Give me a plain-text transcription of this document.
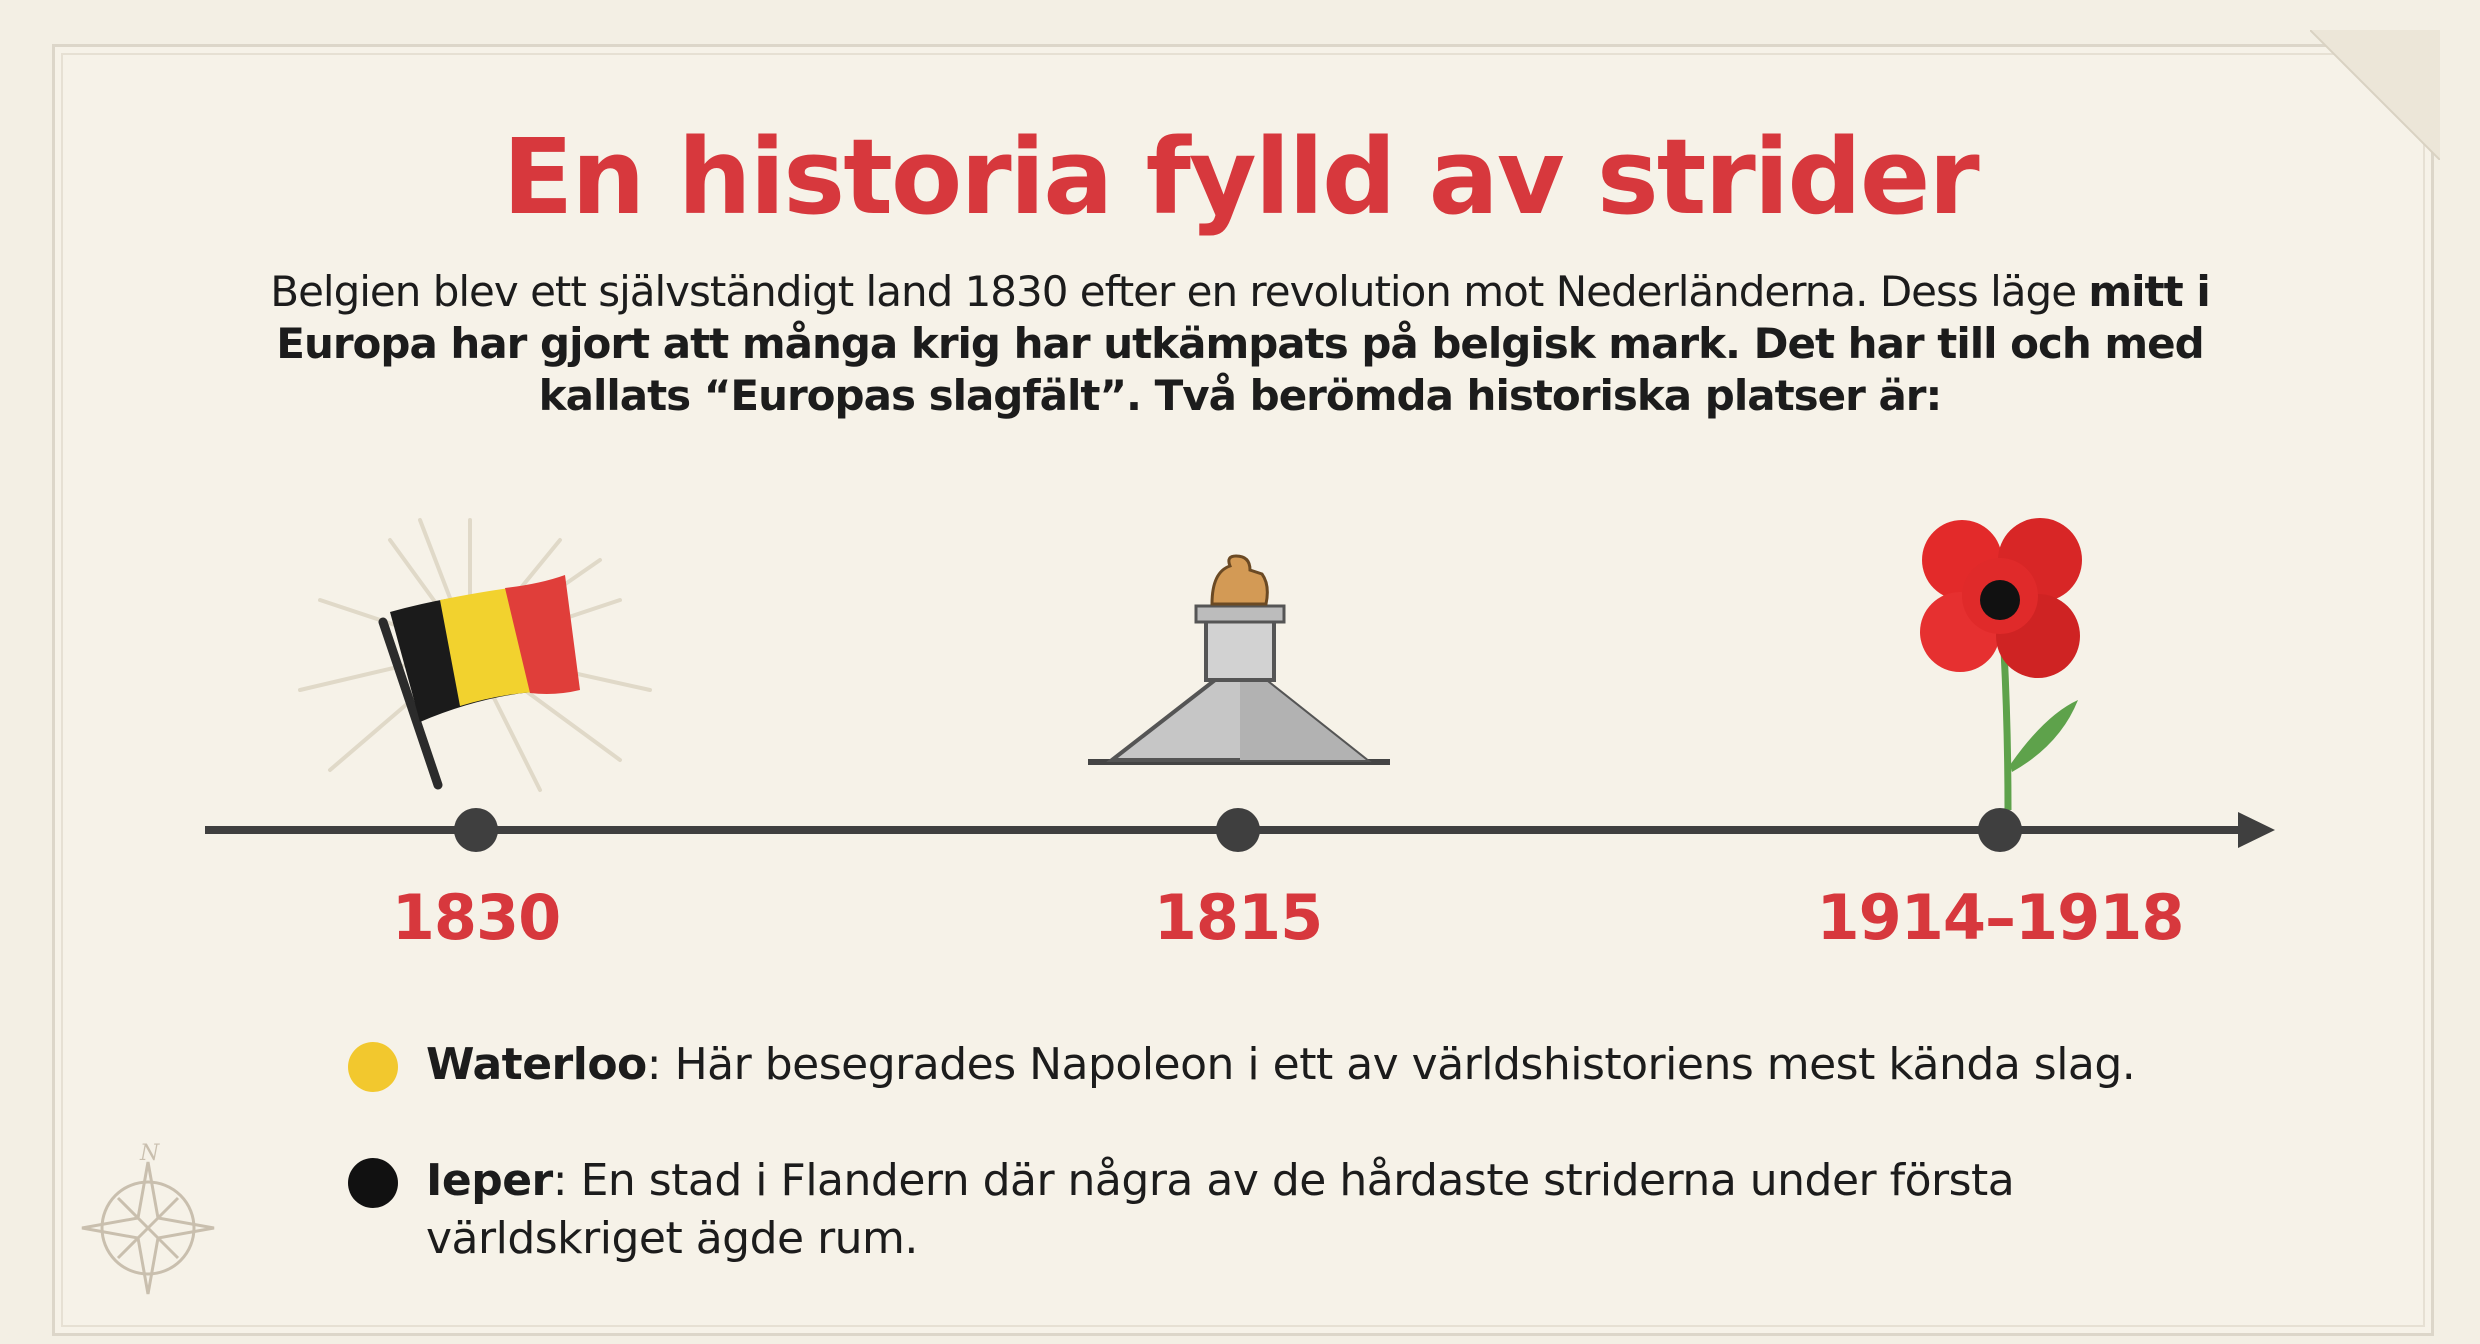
En historia fylld av strider
Belgien blev ett självständigt land 1830 efter en revolution mot Nederländerna. Dess läge mitt i Europa har gjort att många krig har utkämpats på belgisk mark. Det har till och med kallats “Europas slagfält”. Två berömda historiska platser är:
N
1830	1815	1914–1918
Waterloo: Här besegrades Napoleon i ett av världshistoriens mest kända slag.
Ieper: En stad i Flandern där några av de hårdaste striderna under första världskriget ägde rum.
